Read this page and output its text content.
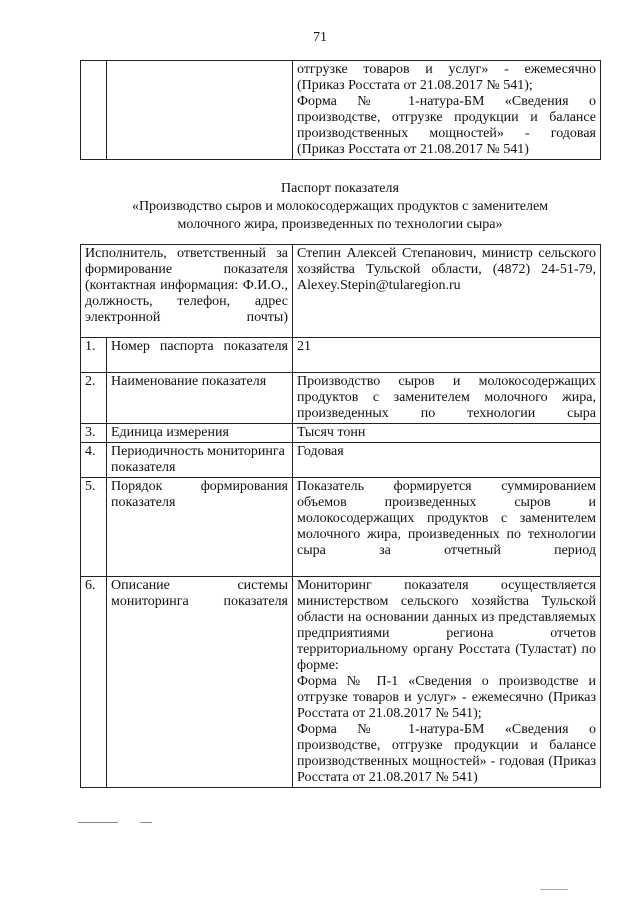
71

отгрузке товаров и услуг» - ежемесячно
(Приказ Росстата от 21.08.2017 № 541);
Форма № 1-натура-БМ «Сведения о
производстве, отгрузке продукции и балансе
производственных мощностей» - годовая
(Приказ Росстата от 21.08.2017 № 541)
Паспорт показателя
«Производство сыров и молокосодержащих продуктов с заменителем
молочного жира, произведенных по технологии сыра»
Исполнитель, ответственный за формирование показателя (контактная информация: Ф.И.О., должность, телефон, адрес электронной почты)		Степин Алексей Степанович, министр сельского хозяйства Тульской области, (4872) 24-51-79, Alexey.Stepin@tularegion.ru
1.	Номер паспорта показателя	21
2.	Наименование показателя	Производство сыров и молокосодержащих продуктов с заменителем молочного жира, произведенных по технологии сыра
3.	Единица измерения	Тысяч тонн
4.	Периодичность мониторинга показателя	Годовая
5.	Порядок формирования показателя	Показатель формируется суммированием объемов произведенных сыров и молокосодержащих продуктов с заменителем молочного жира, произведенных по технологии сыра за отчетный период
6.	Описание системы мониторинга показателя	Мониторинг показателя осуществляется министерством сельского хозяйства Тульской области на основании данных из представляемых предприятиями региона отчетов территориальному органу Росстата (Туластат) по форме:
Форма № П-1 «Сведения о производстве и отгрузке товаров и услуг» - ежемесячно (Приказ Росстата от 21.08.2017 № 541);
Форма № 1-натура-БМ «Сведения о производстве, отгрузке продукции и балансе производственных мощностей» - годовая (Приказ Росстата от 21.08.2017 № 541)
